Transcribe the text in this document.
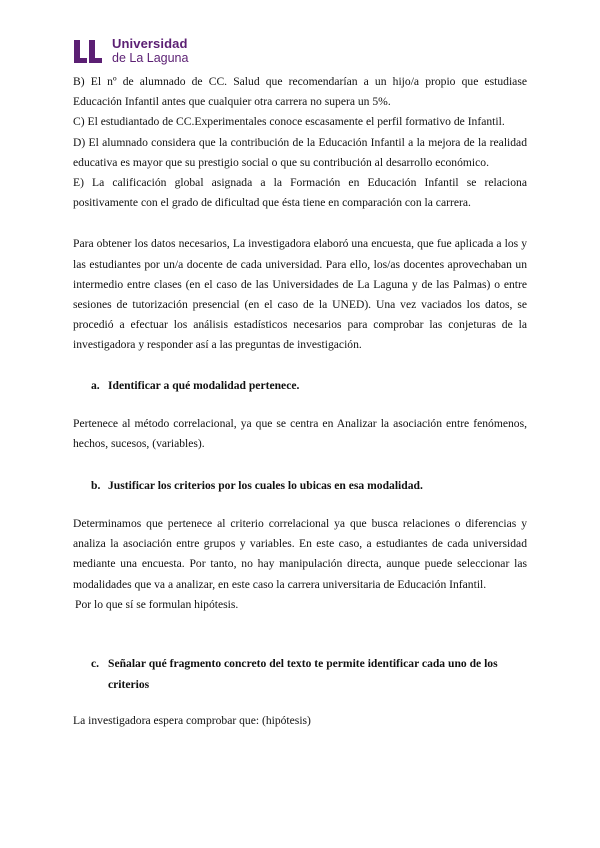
Universidad
de La Laguna

B) El nº de alumnado de CC. Salud que recomendarían a un hijo/a propio que estudiase Educación Infantil antes que cualquier otra carrera no supera un 5%.

C) El estudiantado de CC.Experimentales conoce escasamente el perfil formativo de Infantil.

D) El alumnado considera que la contribución de la Educación Infantil a la mejora de la realidad educativa es mayor que su prestigio social o que su contribución al desarrollo económico.

E) La calificación global asignada a la Formación en Educación Infantil se relaciona positivamente con el grado de dificultad que ésta tiene en comparación con la carrera.

Para obtener los datos necesarios, La investigadora elaboró una encuesta, que fue aplicada a los y las estudiantes por un/a docente de cada universidad. Para ello, los/as docentes aprovechaban un intermedio entre clases (en el caso de las Universidades de La Laguna y de las Palmas) o entre sesiones de tutorización presencial (en el caso de la UNED). Una vez vaciados los datos, se procedió a efectuar los análisis estadísticos necesarios para comprobar las conjeturas de la investigadora y responder así a las preguntas de investigación.

a. Identificar a qué modalidad pertenece.

Pertenece al método correlacional, ya que se centra en Analizar la asociación entre fenómenos, hechos, sucesos, (variables).

b. Justificar los criterios por los cuales lo ubicas en esa modalidad.

Determinamos que pertenece al criterio correlacional ya que busca relaciones o diferencias y analiza la asociación entre grupos y variables. En este caso, a estudiantes de cada universidad mediante una encuesta. Por tanto, no hay manipulación directa, aunque puede seleccionar las modalidades que va a analizar, en este caso la carrera universitaria de Educación Infantil.

Por lo que sí se formulan hipótesis.

c. Señalar qué fragmento concreto del texto te permite identificar cada uno de los criterios

La investigadora espera comprobar que: (hipótesis)
